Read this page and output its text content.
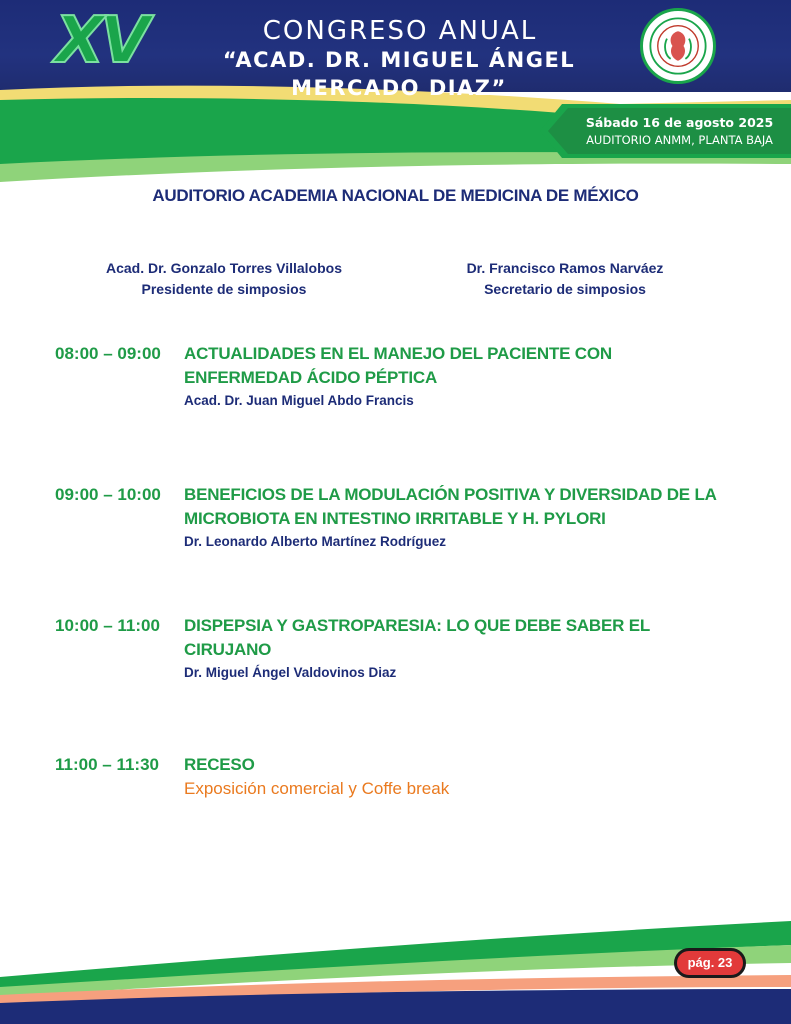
XV	CONGRESO ANUAL
“ACAD. DR. MIGUEL ÁNGEL MERCADO DIAZ”
Sábado 16 de agosto 2025
AUDITORIO ANMM, PLANTA BAJA
AUDITORIO ACADEMIA NACIONAL DE MEDICINA DE MÉXICO
Acad. Dr. Gonzalo Torres Villalobos
Presidente de simposios
Dr. Francisco Ramos Narváez
Secretario de simposios
08:00 – 09:00	ACTUALIDADES EN EL MANEJO DEL PACIENTE CON
ENFERMEDAD ÁCIDO PÉPTICA
Acad. Dr. Juan Miguel Abdo Francis
09:00 – 10:00	BENEFICIOS DE LA MODULACIÓN POSITIVA Y DIVERSIDAD DE LA
MICROBIOTA EN INTESTINO IRRITABLE Y H. PYLORI
Dr. Leonardo Alberto Martínez Rodríguez
10:00 – 11:00	DISPEPSIA Y GASTROPARESIA: LO QUE DEBE SABER EL
CIRUJANO
Dr. Miguel Ángel Valdovinos Diaz
11:00 – 11:30	RECESO
Exposición comercial y Coffe break
pág. 23
